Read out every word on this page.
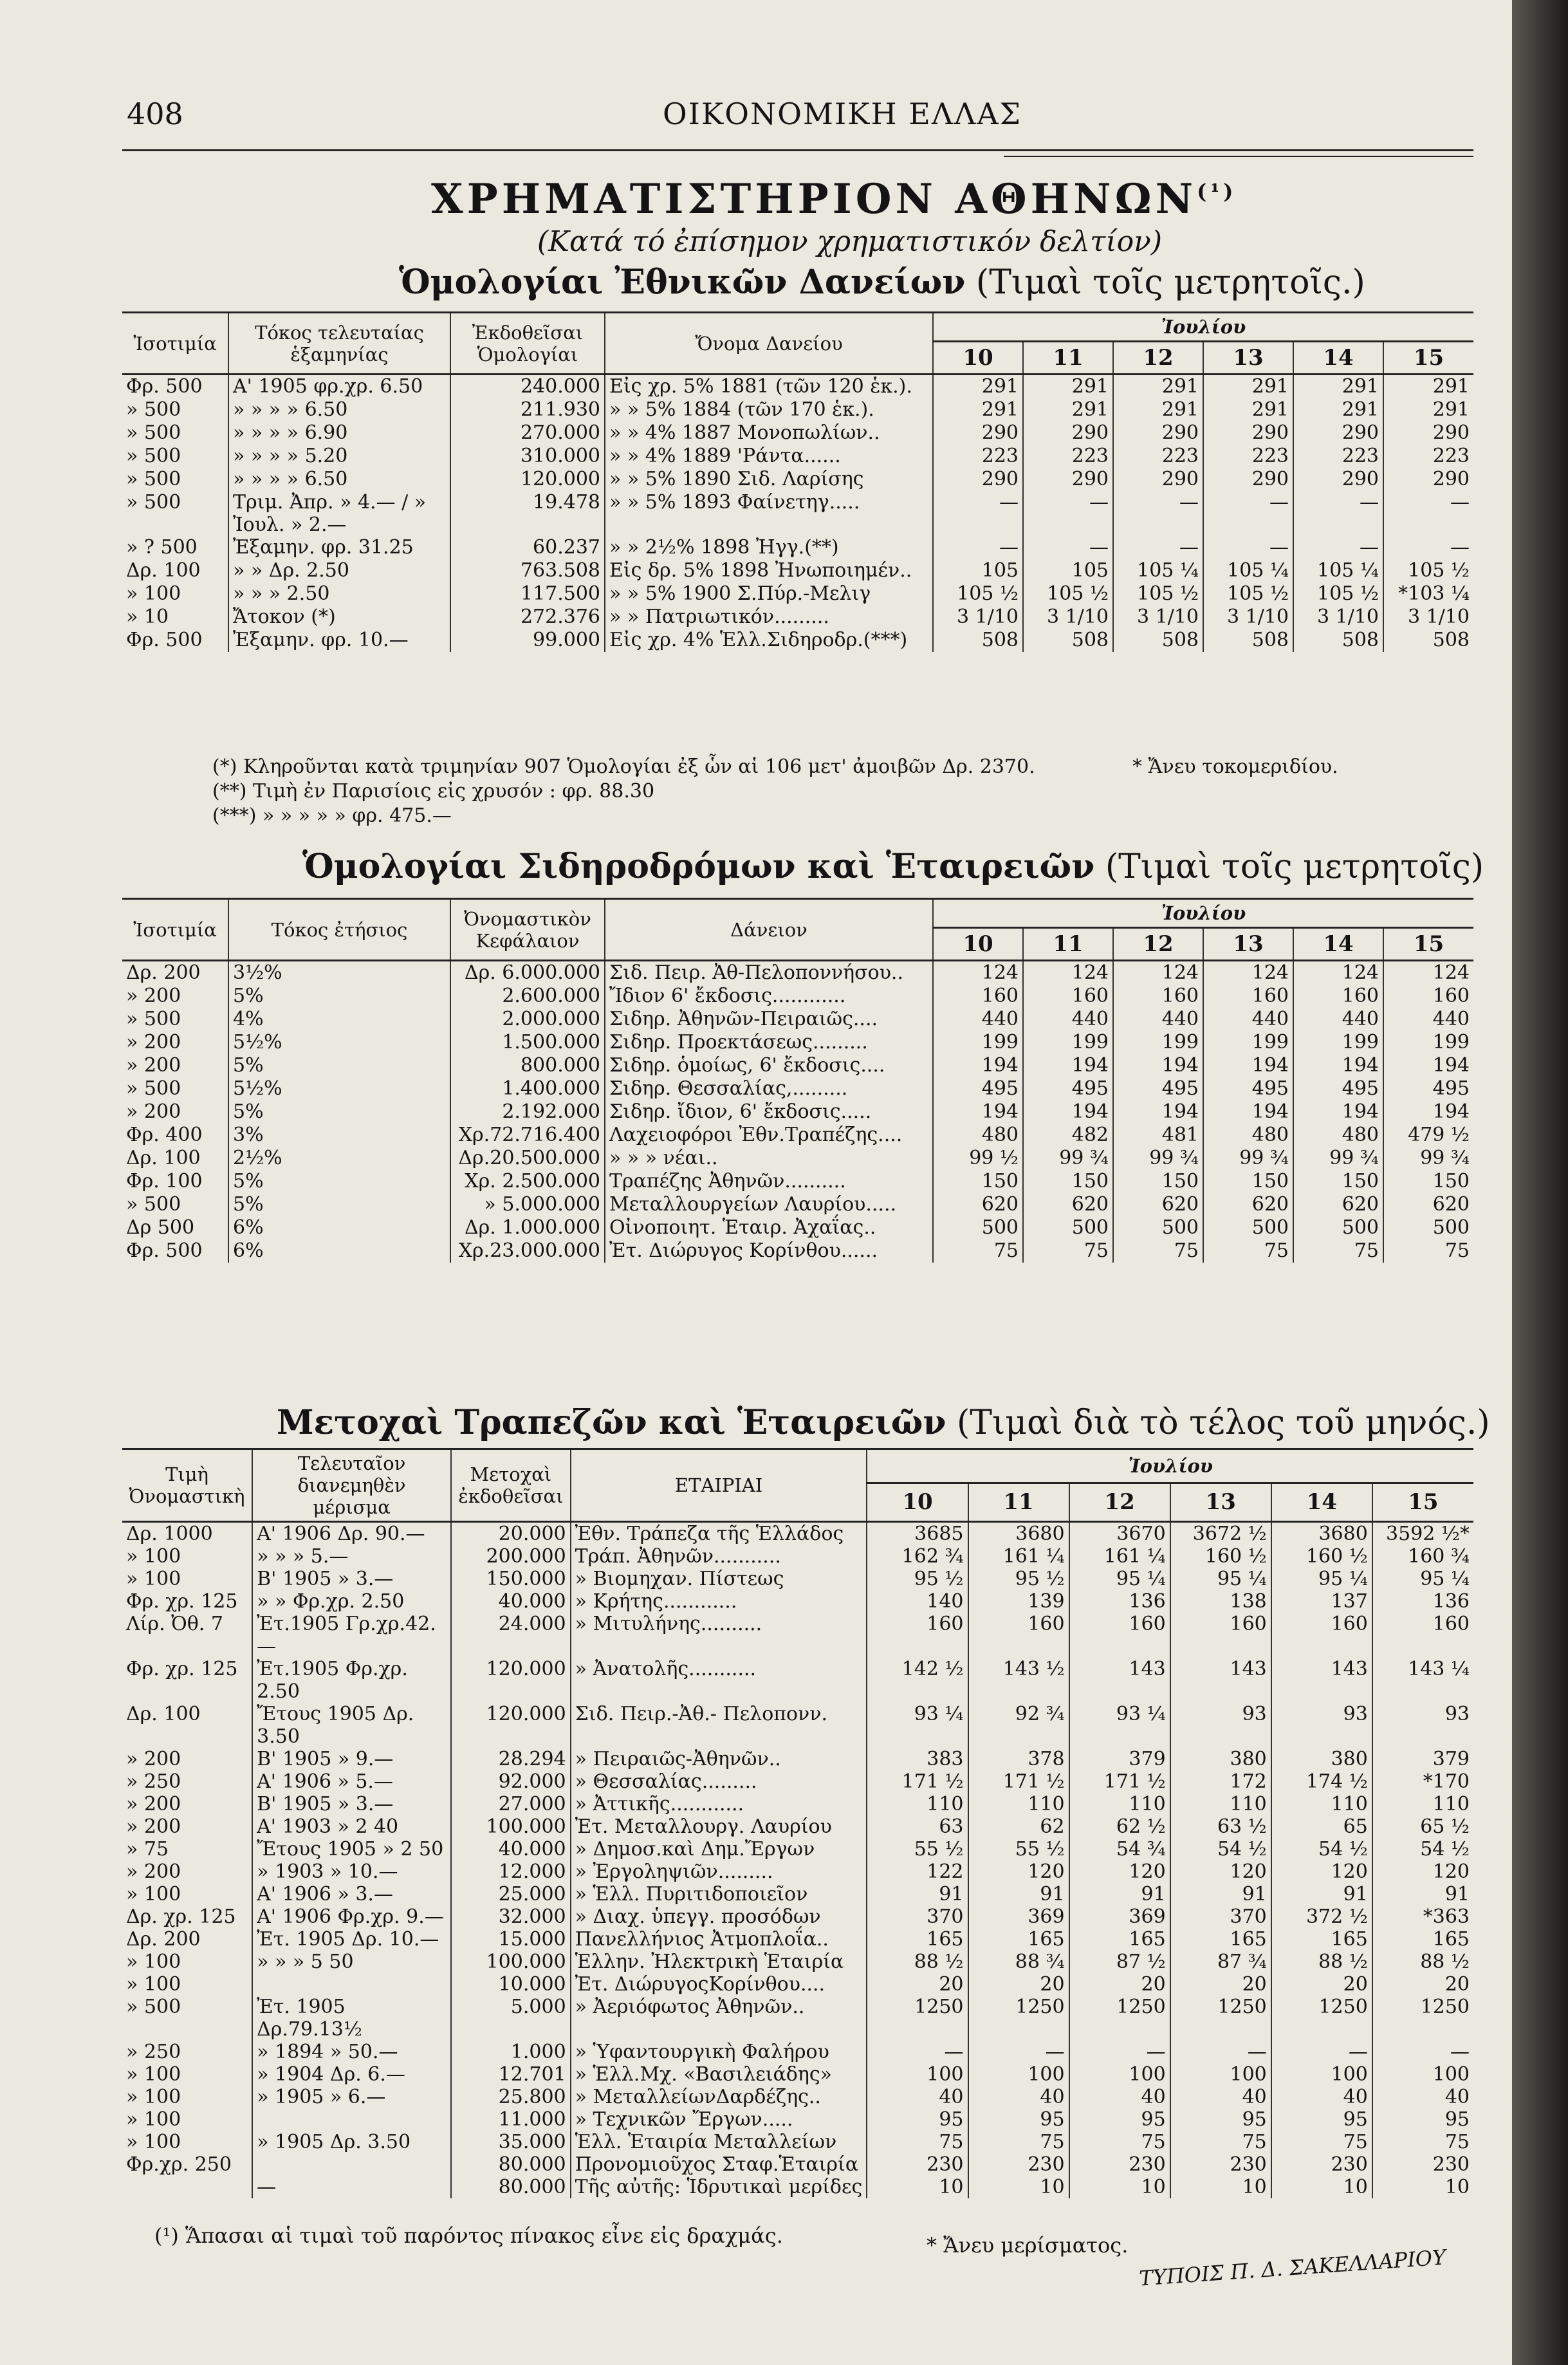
408	ΟΙΚΟΝΟΜΙΚΗ ΕΛΛΑΣ
ΧΡΗΜΑΤΙΣΤΗΡΙΟΝ $A\Theta HN\Omega N^{(^1)}$
(Κατά τό ἐπίσημον χρηματιστικόν δελτίον)
Ὁμολογίαι Ἐθνικῶν Δανείων (Τιμαὶ τοῖς μετρητοῖς.)
Ἰσοτιμία	Τόκος τελευταίας ἑξαμηνίας	Ἐκδοθεῖσαι Ὁμολογίαι	Ὄνομα Δανείου	Ἰουλίου					
				10	11	12	13	14	15
Φρ. 500	Α' 1905 φρ.χρ. 6.50	240.000	Εἰς χρ. 5% 1881 (τῶν 120 ἑκ.).	291	291	291	291	291	291
» 500	» » » » 6.50	211.930	» » 5% 1884 (τῶν 170 ἑκ.).	291	291	291	291	291	291
» 500	» » » » 6.90	270.000	» » 4% 1887 Μονοπωλίων..	290	290	290	290	290	290
» 500	» » » » 5.20	310.000	» » 4% 1889 'Ράντα......	223	223	223	223	223	223
» 500	» » » » 6.50	120.000	» » 5% 1890 Σιδ. Λαρίσης	290	290	290	290	290	290
» 500	Τριμ. Ἀπρ. » 4.— / » Ἰουλ. » 2.—	19.478	» » 5% 1893 Φαίνετηγ.....	—	—	—	—	—	—
» ? 500	Ἐξαμην. φρ. 31.25	60.237	» » 2½% 1898 Ἠγγ.(**)	—	—	—	—	—	—
Δρ. 100	» » Δρ. 2.50	763.508	Εἰς δρ. 5% 1898 Ἠνωποιημέν..	105	105	105 ¼	105 ¼	105 ¼	105 ½
» 100	» » » 2.50	117.500	» » 5% 1900 Σ.Πύρ.-Μελιγ	105 ½	105 ½	105 ½	105 ½	105 ½	*103 ¼
» 10	Ἄτοκον (*)	272.376	» » Πατριωτικόν.........	3 1/10	3 1/10	3 1/10	3 1/10	3 1/10	3 1/10
Φρ. 500	Ἐξαμην. φρ. 10.—	99.000	Εἰς χρ. 4% Ἑλλ.Σιδηροδρ.(***)	508	508	508	508	508	508
(*) Κληροῦνται κατὰ τριμηνίαν 907 Ὁμολογίαι ἐξ ὧν αἱ 106 μετ' ἀμοιβῶν Δρ. 2370.	* Ἄνευ τοκομεριδίου.
(**) Τιμὴ ἐν Παρισίοις εἰς χρυσόν : φρ. 88.30
(***) » » » » » φρ. 475.—
Ὁμολογίαι Σιδηροδρόμων καὶ Ἑταιρειῶν (Τιμαὶ τοῖς μετρητοῖς)
Ἰσοτιμία	Τόκος ἐτήσιος	Ὀνομαστικὸν Κεφάλαιον	Δάνειον	Ἰουλίου					
				10	11	12	13	14	15
Δρ. 200	3½%	Δρ. 6.000.000	Σιδ. Πειρ. Ἀθ-Πελοποννήσου..	124	124	124	124	124	124
» 200	5%	2.600.000	Ἴδιον 6' ἔκδοσις............	160	160	160	160	160	160
» 500	4%	2.000.000	Σιδηρ. Ἀθηνῶν-Πειραιῶς....	440	440	440	440	440	440
» 200	5½%	1.500.000	Σιδηρ. Προεκτάσεως.........	199	199	199	199	199	199
» 200	5%	800.000	Σιδηρ. ὁμοίως, 6' ἔκδοσις....	194	194	194	194	194	194
» 500	5½%	1.400.000	Σιδηρ. Θεσσαλίας,.........	495	495	495	495	495	495
» 200	5%	2.192.000	Σιδηρ. ἴδιον, 6' ἔκδοσις.....	194	194	194	194	194	194
Φρ. 400	3%	Χρ.72.716.400	Λαχειοφόροι Ἐθν.Τραπέζης....	480	482	481	480	480	479 ½
Δρ. 100	2½%	Δρ.20.500.000	» » » νέαι..	99 ½	99 ¾	99 ¾	99 ¾	99 ¾	99 ¾
Φρ. 100	5%	Χρ. 2.500.000	Τραπέζης Ἀθηνῶν..........	150	150	150	150	150	150
» 500	5%	» 5.000.000	Μεταλλουργείων Λαυρίου.....	620	620	620	620	620	620
Δρ 500	6%	Δρ. 1.000.000	Οἰνοποιητ. Ἑταιρ. Ἀχαΐας..	500	500	500	500	500	500
Φρ. 500	6%	Χρ.23.000.000	Ἐτ. Διώρυγος Κορίνθου......	75	75	75	75	75	75
Μετοχαὶ Τραπεζῶν καὶ Ἑταιρειῶν (Τιμαὶ διὰ τὸ τέλος τοῦ μηνός.)
Τιμὴ Ὀνομαστικὴ	Τελευταῖον διανεμηθὲν μέρισμα	Μετοχαὶ ἐκδοθεῖσαι	ΕΤΑΙΡΙΑΙ	Ἰουλίου					
				10	11	12	13	14	15
Δρ. 1000	Α' 1906 Δρ. 90.—	20.000	Ἐθν. Τράπεζα τῆς Ἑλλάδος	3685	3680	3670	3672 ½	3680	3592 ½*
» 100	» » » 5.—	200.000	Τράπ. Ἀθηνῶν...........	162 ¾	161 ¼	161 ¼	160 ½	160 ½	160 ¾
» 100	Β' 1905 » 3.—	150.000	» Βιομηχαν. Πίστεως	95 ½	95 ½	95 ¼	95 ¼	95 ¼	95 ¼
Φρ. χρ. 125	» » Φρ.χρ. 2.50	40.000	» Κρήτης............	140	139	136	138	137	136
Λίρ. Ὀθ. 7	Ἐτ.1905 Γρ.χρ.42.—	24.000	» Μιτυλήνης..........	160	160	160	160	160	160
Φρ. χρ. 125	Ἐτ.1905 Φρ.χρ. 2.50	120.000	» Ἀνατολῆς...........	142 ½	143 ½	143	143	143	143 ¼
Δρ. 100	Ἔτους 1905 Δρ. 3.50	120.000	Σιδ. Πειρ.-Ἀθ.- Πελοπονν.	93 ¼	92 ¾	93 ¼	93	93	93
» 200	Β' 1905 » 9.—	28.294	» Πειραιῶς-Ἀθηνῶν..	383	378	379	380	380	379
» 250	Α' 1906 » 5.—	92.000	» Θεσσαλίας.........	171 ½	171 ½	171 ½	172	174 ½	*170
» 200	Β' 1905 » 3.—	27.000	» Ἀττικῆς............	110	110	110	110	110	110
» 200	Α' 1903 » 2 40	100.000	Ἐτ. Μεταλλουργ. Λαυρίου	63	62	62 ½	63 ½	65	65 ½
» 75	Ἔτους 1905 » 2 50	40.000	» Δημοσ.καὶ Δημ.Ἔργων	55 ½	55 ½	54 ¾	54 ½	54 ½	54 ½
» 200	» 1903 » 10.—	12.000	» Ἐργοληψιῶν.........	122	120	120	120	120	120
» 100	Α' 1906 » 3.—	25.000	» Ἑλλ. Πυριτιδοποιεῖον	91	91	91	91	91	91
Δρ. χρ. 125	Α' 1906 Φρ.χρ. 9.—	32.000	» Διαχ. ὑπεγγ. προσόδων	370	369	369	370	372 ½	*363
Δρ. 200	Ἐτ. 1905 Δρ. 10.—	15.000	Πανελλήνιος Ἀτμοπλοΐα..	165	165	165	165	165	165
» 100	» » » 5 50	100.000	Ἑλλην. Ἠλεκτρικὴ Ἑταιρία	88 ½	88 ¾	87 ½	87 ¾	88 ½	88 ½
» 100		10.000	Ἐτ. ΔιώρυγοςΚορίνθου....	20	20	20	20	20	20
» 500	Ἐτ. 1905 Δρ.79.13½	5.000	» Ἀεριόφωτος Ἀθηνῶν..	1250	1250	1250	1250	1250	1250
» 250	» 1894 » 50.—	1.000	» Ὑφαντουργικὴ Φαλήρου	—	—	—	—	—	—
» 100	» 1904 Δρ. 6.—	12.701	» Ἑλλ.Μχ. «Βασιλειάδης»	100	100	100	100	100	100
» 100	» 1905 » 6.—	25.800	» ΜεταλλείωνΔαρδέζης..	40	40	40	40	40	40
» 100		11.000	» Τεχνικῶν Ἔργων.....	95	95	95	95	95	95
» 100	» 1905 Δρ. 3.50	35.000	Ἑλλ. Ἑταιρία Μεταλλείων	75	75	75	75	75	75
Φρ.χρ. 250		80.000	Προνομιοῦχος Σταφ.Ἑταιρία	230	230	230	230	230	230
	—	80.000	Τῆς αὐτῆς: Ἱδρυτικαὶ μερίδες	10	10	10	10	10	10
(¹) Ἅπασαι αἱ τιμαὶ τοῦ παρόντος πίνακος εἶνε εἰς δραχμάς.	* Ἄνευ μερίσματος. ΤΥΠΟΙΣ Π. Δ. ΣΑΚΕΛΛΑΡΙΟΥ
